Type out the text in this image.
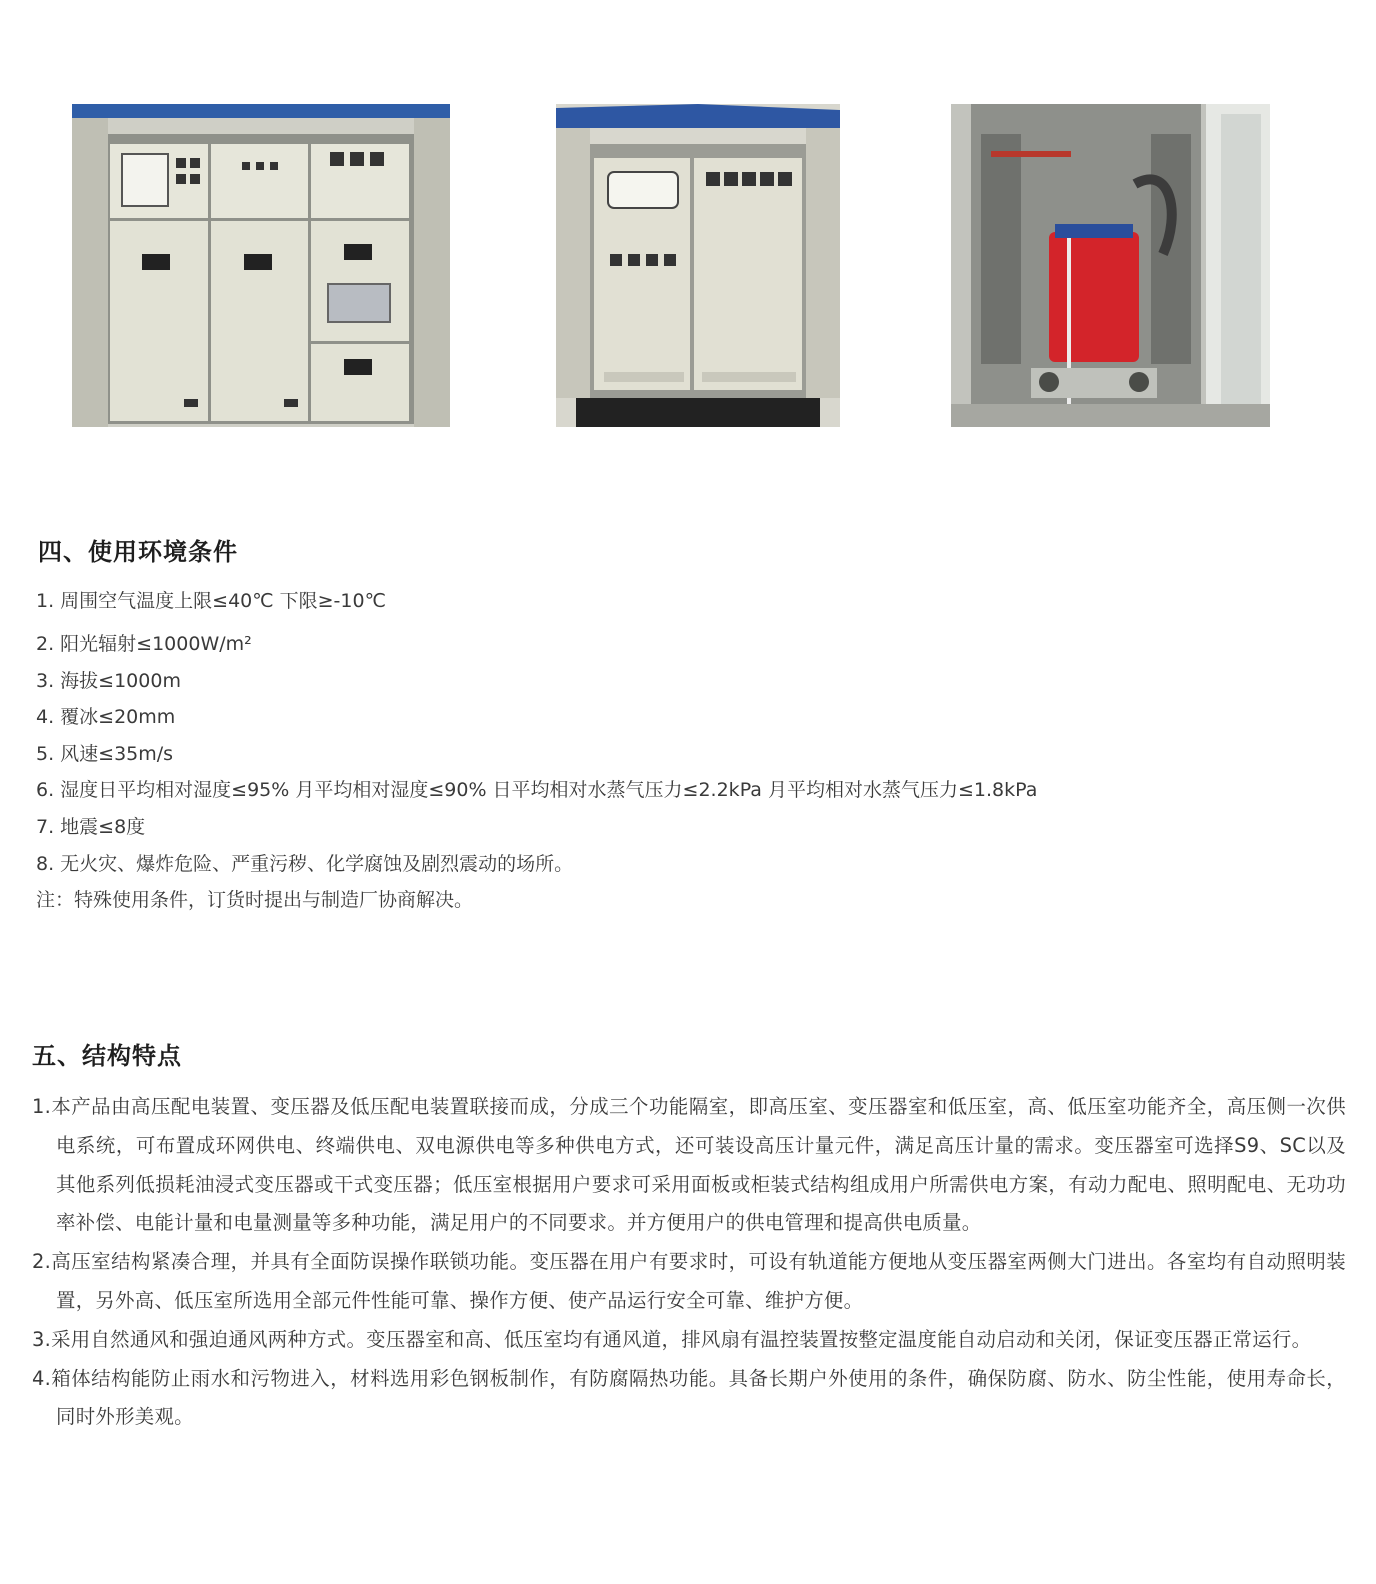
四、使用环境条件
1. 周围空气温度上限≤40℃ 下限≥-10℃
2. 阳光辐射≤1000W/m²
3. 海拔≤1000m
4. 覆冰≤20mm
5. 风速≤35m/s
6. 湿度日平均相对湿度≤95% 月平均相对湿度≤90% 日平均相对水蒸气压力≤2.2kPa 月平均相对水蒸气压力≤1.8kPa
7. 地震≤8度
8. 无火灾、爆炸危险、严重污秽、化学腐蚀及剧烈震动的场所。
注：特殊使用条件，订货时提出与制造厂协商解决。
五、结构特点
1.本产品由高压配电装置、变压器及低压配电装置联接而成，分成三个功能隔室，即高压室、变压器室和低压室，高、低压室功能齐全，高压侧一次供电系统，可布置成环网供电、终端供电、双电源供电等多种供电方式，还可装设高压计量元件，满足高压计量的需求。变压器室可选择S9、SC以及其他系列低损耗油浸式变压器或干式变压器；低压室根据用户要求可采用面板或柜装式结构组成用户所需供电方案，有动力配电、照明配电、无功功率补偿、电能计量和电量测量等多种功能，满足用户的不同要求。并方便用户的供电管理和提高供电质量。
2.高压室结构紧凑合理，并具有全面防误操作联锁功能。变压器在用户有要求时，可设有轨道能方便地从变压器室两侧大门进出。各室均有自动照明装置，另外高、低压室所选用全部元件性能可靠、操作方便、使产品运行安全可靠、维护方便。
3.采用自然通风和强迫通风两种方式。变压器室和高、低压室均有通风道，排风扇有温控装置按整定温度能自动启动和关闭，保证变压器正常运行。
4.箱体结构能防止雨水和污物进入，材料选用彩色钢板制作，有防腐隔热功能。具备长期户外使用的条件，确保防腐、防水、防尘性能，使用寿命长，同时外形美观。
